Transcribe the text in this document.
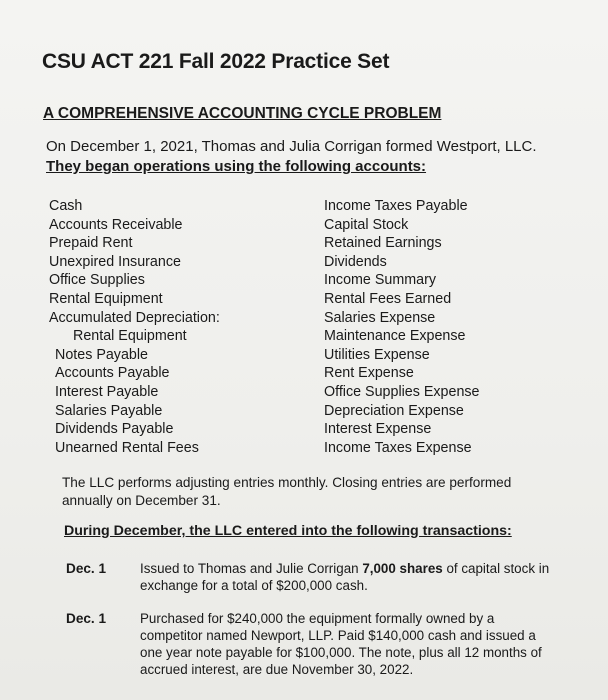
CSU ACT 221 Fall 2022 Practice Set
A COMPREHENSIVE ACCOUNTING CYCLE PROBLEM
On December 1, 2021, Thomas and Julia Corrigan formed Westport, LLC.
They began operations using the following accounts:
Cash
Accounts Receivable
Prepaid Rent
Unexpired Insurance
Office Supplies
Rental Equipment
Accumulated Depreciation:
Rental Equipment
Notes Payable
Accounts Payable
Interest Payable
Salaries Payable
Dividends Payable
Unearned Rental Fees
Income Taxes Payable
Capital Stock
Retained Earnings
Dividends
Income Summary
Rental Fees Earned
Salaries Expense
Maintenance Expense
Utilities Expense
Rent Expense
Office Supplies Expense
Depreciation Expense
Interest Expense
Income Taxes Expense
The LLC performs adjusting entries monthly. Closing entries are performed annually on December 31.
During December, the LLC entered into the following transactions:
Dec. 1	Issued to Thomas and Julie Corrigan 7,000 shares of capital stock in exchange for a total of $200,000 cash.
Dec. 1	Purchased for $240,000 the equipment formally owned by a competitor named Newport, LLP. Paid $140,000 cash and issued a one year note payable for $100,000. The note, plus all 12 months of accrued interest, are due November 30, 2022.
